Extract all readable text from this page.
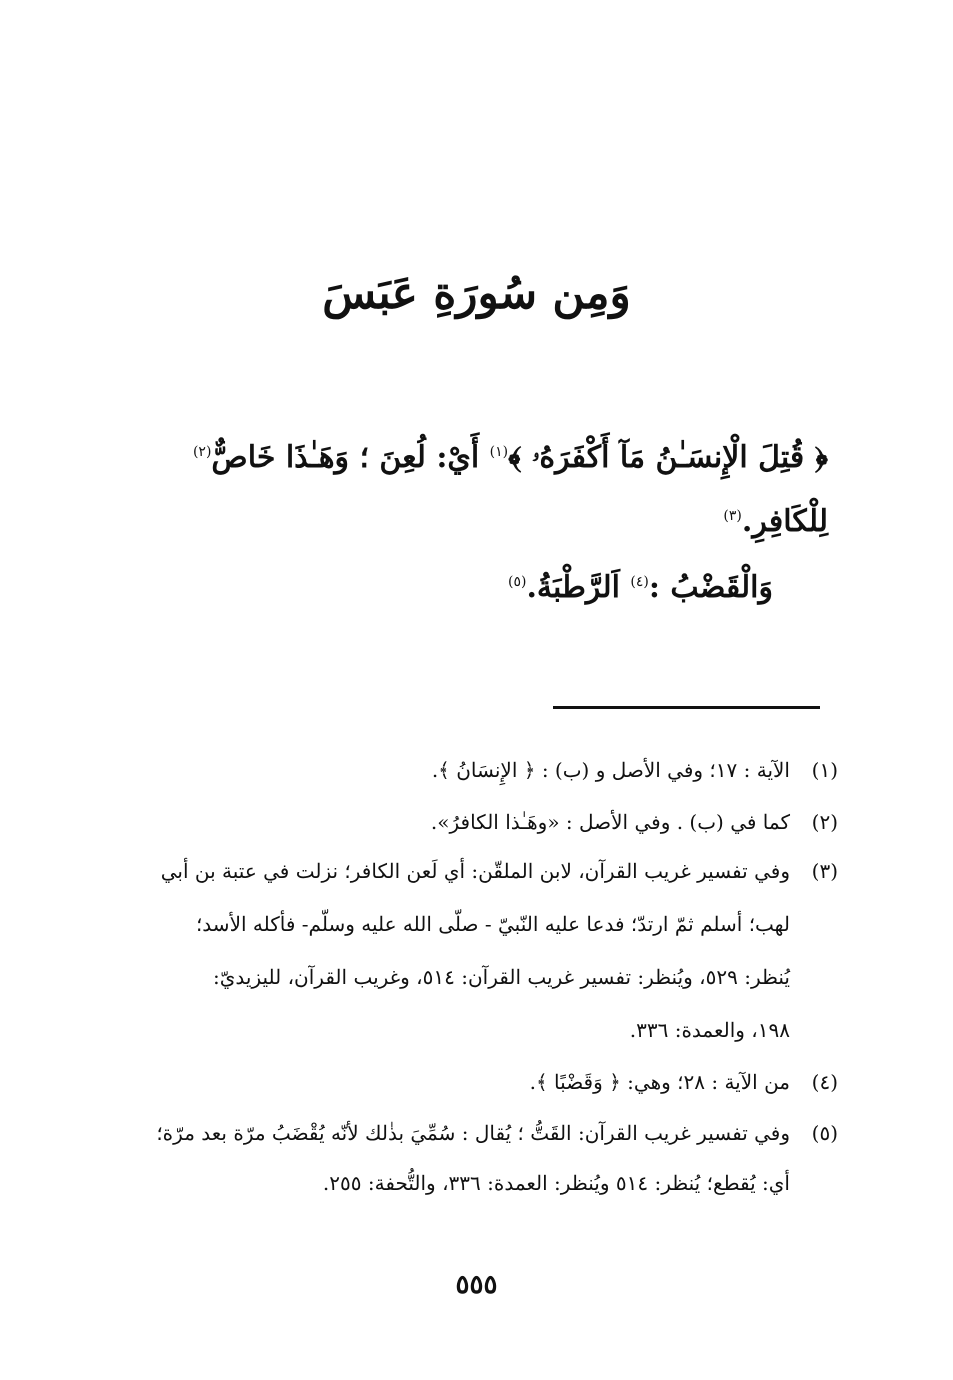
وَمِن سُورَةِ عَبَسَ
﴿ قُتِلَ الْإِنسَـٰنُ مَآ أَكْفَرَهُۥ ﴾$^{(١)}$ أَيْ: لُعِنَ ؛ وَهَـٰذَا خَاصٌّ$^{(٢)}$
لِلْكَافِرِ.$^{(٣)}$
وَالْقَضْبُ :$^{(٤)}$ اَلرَّطْبَةُ.$^{(٥)}$
(١)
الآية : ١٧؛ وفي الأصل و (ب) : ﴿ الإِنسَانُ ﴾.
(٢)
كما في (ب) . وفي الأصل : «وهَـٰذا الكافرُ».
(٣)
وفي تفسير غريب القرآن، لابن الملقّن: أي لَعن الكافر؛ نزلت في عتبة بن أبي
لهب؛ أسلم ثمّ ارتدّ؛ فدعا عليه النّبيّ - صلّى الله عليه وسلّم- فأكله الأسد؛
يُنظر: ٥٢٩، ويُنظر: تفسير غريب القرآن: ٥١٤، وغريب القرآن، لليزيديّ:
١٩٨، والعمدة: ٣٣٦.
(٤)
من الآية : ٢٨؛ وهي: ﴿ وَقَضْبًا ﴾.
(٥)
وفي تفسير غريب القرآن: القَتُّ ؛ يُقال : سُمِّيَ بذٰلك لأنّه يُقْضَبُ مرّة بعد مرّة؛
أي: يُقطع؛ يُنظر: ٥١٤ ويُنظر: العمدة: ٣٣٦، والتُّحفة: ٢٥٥.
٥٥٥
